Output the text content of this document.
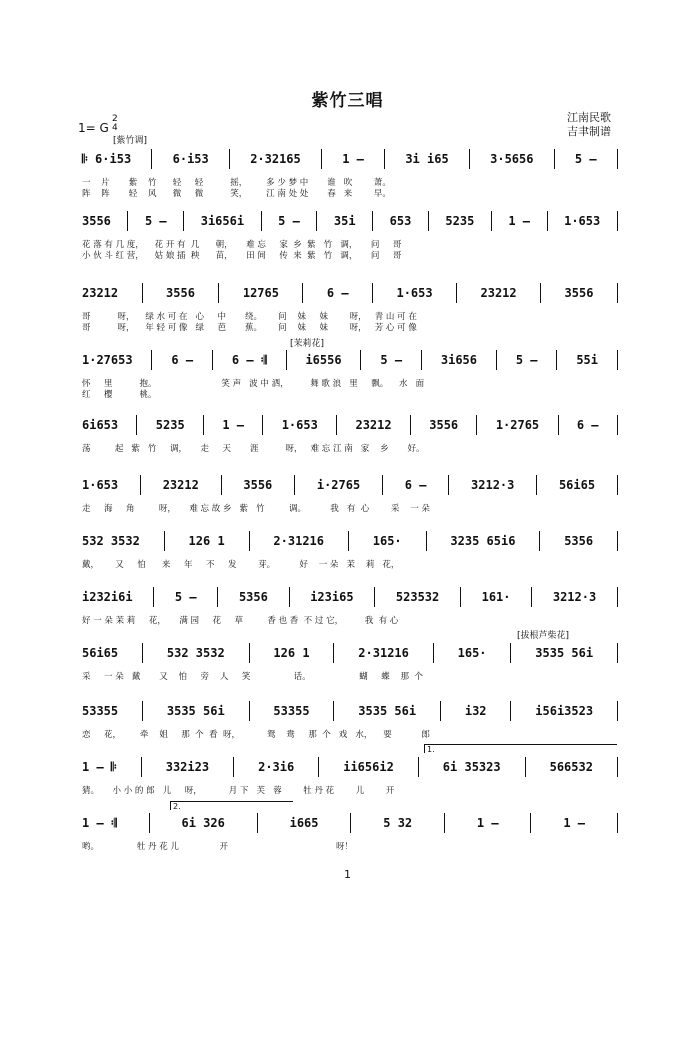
紫竹三唱
江南民歌
吉聿制谱
1= G
2
4
[紫竹调]
[茉莉花]
[拔根芦柴花]
1.
2.
𝄆 6·i53	6·i53	2·32165	1 —	3i i65	3·5656	5 —
一    片       紫    竹      轻     轻          摇，       多 少 梦 中       谁   吹        萧。
阵    阵       轻    风      微     微          笑，       江 南 处 处       春   来        早。
3556	5 —	3i656i	5 —	35i	653	5235	1 —	1·653
花 落 有 几 度，    花 开 有  几      朝，     难 忘     家  乡  紫   竹   调，     问     哥
小 伙 斗 红 营，    姑 娘 插  秧      苗，     田 间     传  来  紫   竹   调，     问     哥
23212	3556	12765	6 —	1·653	23212	3556
哥          呀，    绿 水 可 在   心     中       绕。      问    妹     妹        呀，   青 山 可 在
哥          呀，    年 轻 可 像   绿     芭       蕉。      问    妹     妹        呀，   芳 心 可 像
1·27653	6 —	6 — 𝄇	i6556	5 —	3i656	5 —	55i
怀     里          抱。                        笑 声   波 中 洒，        舞 歌 浪   里     飘。    水   面
红     樱          桃。
6i653	5235	1 —	1·653	23212	3556	1·2765	6 —
荡         起   紫   竹     调，     走     天       涯          呀，   难 忘 江 南   家    乡       好。
1·653	23212	3556	i·2765	6 —	3212·3	56i65
走     海     角         呀，     难 忘 故 乡   紫   竹         调。         我   有  心        采    一 朵
532 3532	126 1	2·31216	165·	3235 65i6	5356
戴，      又     怕      来     年     不     发        芽。         好    一 朵   茉    莉   花，
i232i6i	5 —	5356	i23i65	523532	161·	3212·3
好 一 朵 茉 莉     花，     满 园     花     草         香 也 香  不 过 它，        我  有 心
56i65	532 3532	126 1	2·31216	165·	3535 56i
采     一 朵   戴       又    怕     旁    人     笑                话。                  蝴     蝶    那  个
53355	3535 56i	53355	3535 56i	i32	i56i3523
恋     花，       牵    姐     那  个  看  呀，          鸳    鸯     那  个   戏   水，    要           郎
1 — 𝄆	332i23	2·3i6	ii656i2	6i 35323	566532
猜。     小 小 的 郎   儿     呀，          月 下   芙   蓉        牡 丹 花        儿        开
1 — 𝄇	6i 326	i665	5 32	1 —	1 —
哟。              牡 丹 花 儿               开                                        呀！
1
